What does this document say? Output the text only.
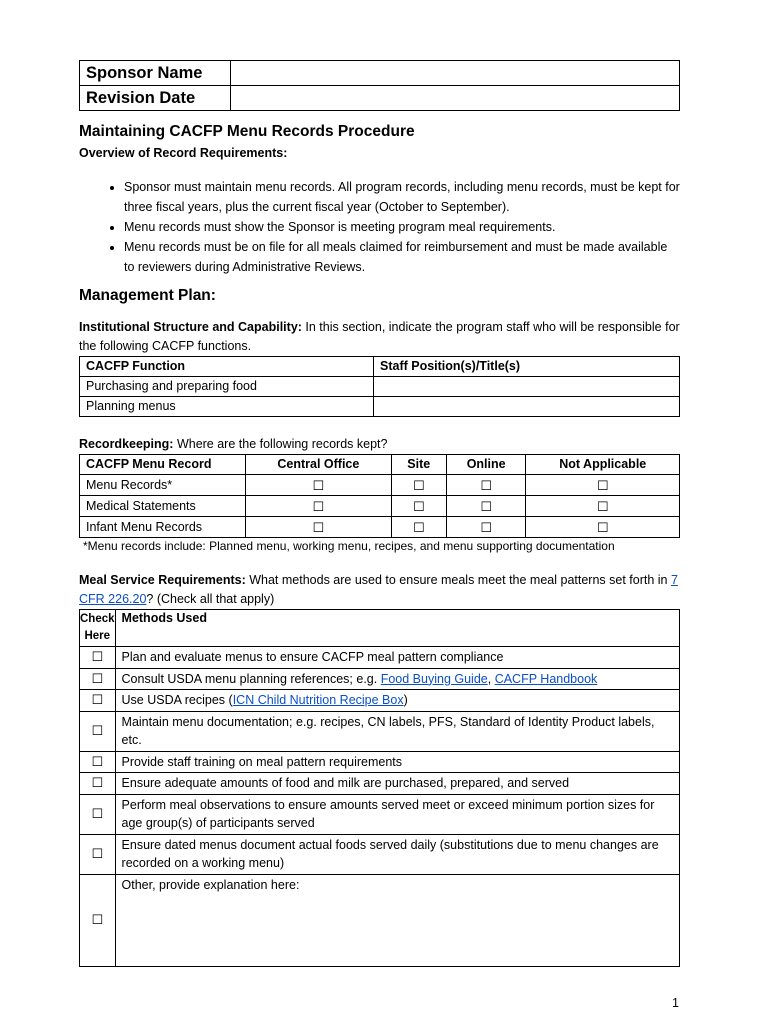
Sponsor Name	
Revision Date	
Maintaining CACFP Menu Records Procedure
Overview of Record Requirements:
• Sponsor must maintain menu records. All program records, including menu records, must be kept for three fiscal years, plus the current fiscal year (October to September).
• Menu records must show the Sponsor is meeting program meal requirements.
• Menu records must be on file for all meals claimed for reimbursement and must be made available to reviewers during Administrative Reviews.
Management Plan:
Institutional Structure and Capability: In this section, indicate the program staff who will be responsible for the following CACFP functions.
CACFP Function	Staff Position(s)/Title(s)
Purchasing and preparing food	
Planning menus	
Recordkeeping: Where are the following records kept?
CACFP Menu Record	Central Office	Site	Online	Not Applicable
Menu Records*	☐	☐	☐	☐
Medical Statements	☐	☐	☐	☐
Infant Menu Records	☐	☐	☐	☐
*Menu records include: Planned menu, working menu, recipes, and menu supporting documentation
Meal Service Requirements: What methods are used to ensure meals meet the meal patterns set forth in 7 CFR 226.20? (Check all that apply)
Check
Here	Methods Used
☐	Plan and evaluate menus to ensure CACFP meal pattern compliance
☐	Consult USDA menu planning references; e.g. Food Buying Guide, CACFP Handbook
☐	Use USDA recipes (ICN Child Nutrition Recipe Box)
☐	Maintain menu documentation; e.g. recipes, CN labels, PFS, Standard of Identity Product labels, etc.
☐	Provide staff training on meal pattern requirements
☐	Ensure adequate amounts of food and milk are purchased, prepared, and served
☐	Perform meal observations to ensure amounts served meet or exceed minimum portion sizes for age group(s) of participants served
☐	Ensure dated menus document actual foods served daily (substitutions due to menu changes are recorded on a working menu)
☐	Other, provide explanation here:
1
